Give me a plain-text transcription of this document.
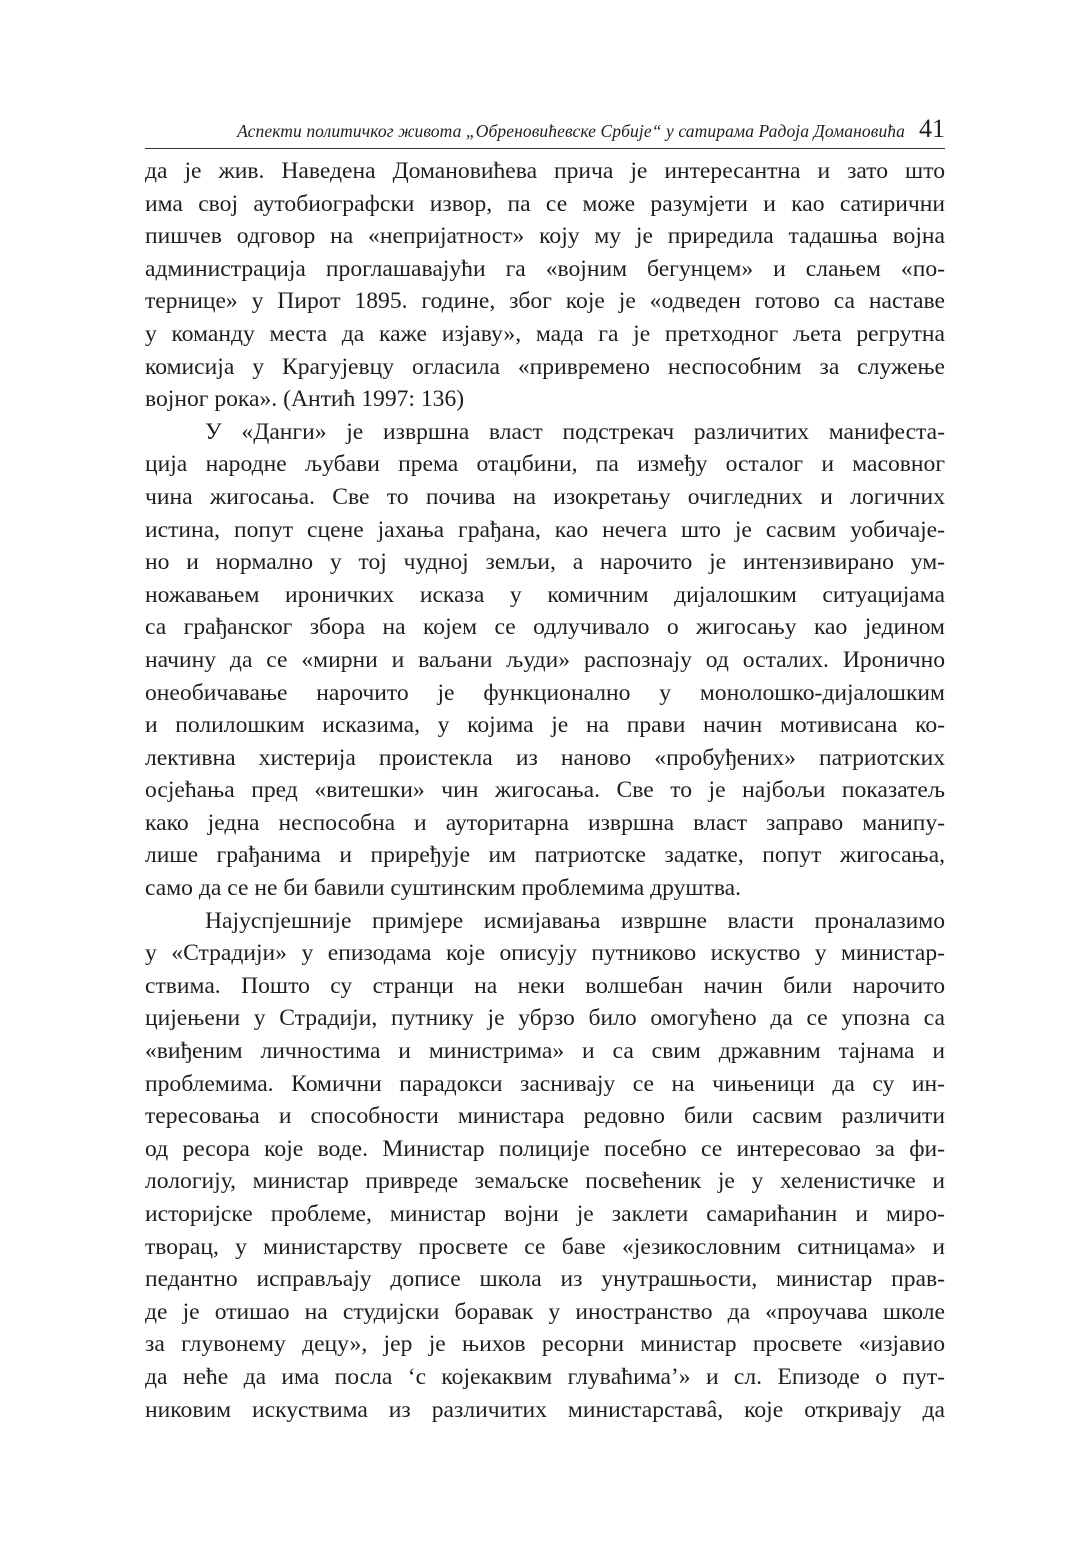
Аспекти политичког живота „Обреновићевске Србије“ у сатирама Радоја Домановића 41
да је жив. Наведена Домановићева прича је интересантна и зато што
има свој аутобиографски извор, па се може разумјети и као сатирични
пишчев одговор на «непријатност» коју му је приредила тадашња војна
администрација проглашавајући га «војним бегунцем» и слањем «по-
тернице» у Пирот 1895. године, због које је «одведен готово са наставе
у команду места да каже изјаву», мада га је претходног љета регрутна
комисија у Крагујевцу огласила «привремено неспособним за служење
војног рока». (Антић 1997: 136)
У «Данги» је извршна власт подстрекач различитих манифеста-
ција народне љубави према отаџбини, па између осталог и масовног
чина жигосања. Све то почива на изокретању очигледних и логичних
истина, попут сцене јахања грађана, као нечега што је сасвим уобичаје-
но и нормално у тој чудној земљи, а нарочито је интензивирано ум-
ножавањем ироничких исказа у комичним дијалошким ситуацијама
са грађанског збора на којем се одлучивало о жигосању као једином
начину да се «мирни и ваљани људи» распознају од осталих. Иронично
онеобичавање нарочито је функционално у монолошко-дијалошким
и полилошким исказима, у којима је на прави начин мотивисана ко-
лективна хистерија проистекла из наново «пробуђених» патриотских
осјећања пред «витешки» чин жигосања. Све то је најбољи показатељ
како једна неспособна и ауторитарна извршна власт заправо манипу-
лише грађанима и приређује им патриотске задатке, попут жигосања,
само да се не би бавили суштинским проблемима друштва.
Најуспјешније примјере исмијавања извршне власти проналазимо
у «Страдији» у епизодама које описују путниково искуство у министар-
ствима. Пошто су странци на неки волшебан начин били нарочито
цијењени у Страдији, путнику је убрзо било омогућено да се упозна са
«виђеним личностима и министрима» и са свим државним тајнама и
проблемима. Комични парадокси заснивају се на чињеници да су ин-
тересовања и способности министара редовно били сасвим различити
од ресора које воде. Министар полиције посебно се интересовао за фи-
лологију, министар привреде земаљске посвећеник је у хеленистичке и
историјске проблеме, министар војни је заклети самарићанин и миро-
творац, у министарству просвете се баве «језикословним ситницама» и
педантно исправљају дописе школа из унутрашњости, министар прав-
де је отишао на студијски боравак у иностранство да «проучава школе
за глувонему децу», јер је њихов ресорни министар просвете «изјавио
да неће да има посла ‘с којекаквим глувaћима’» и сл. Епизоде о пут-
никовим искуствима из различитих министарставâ, које откривају да
